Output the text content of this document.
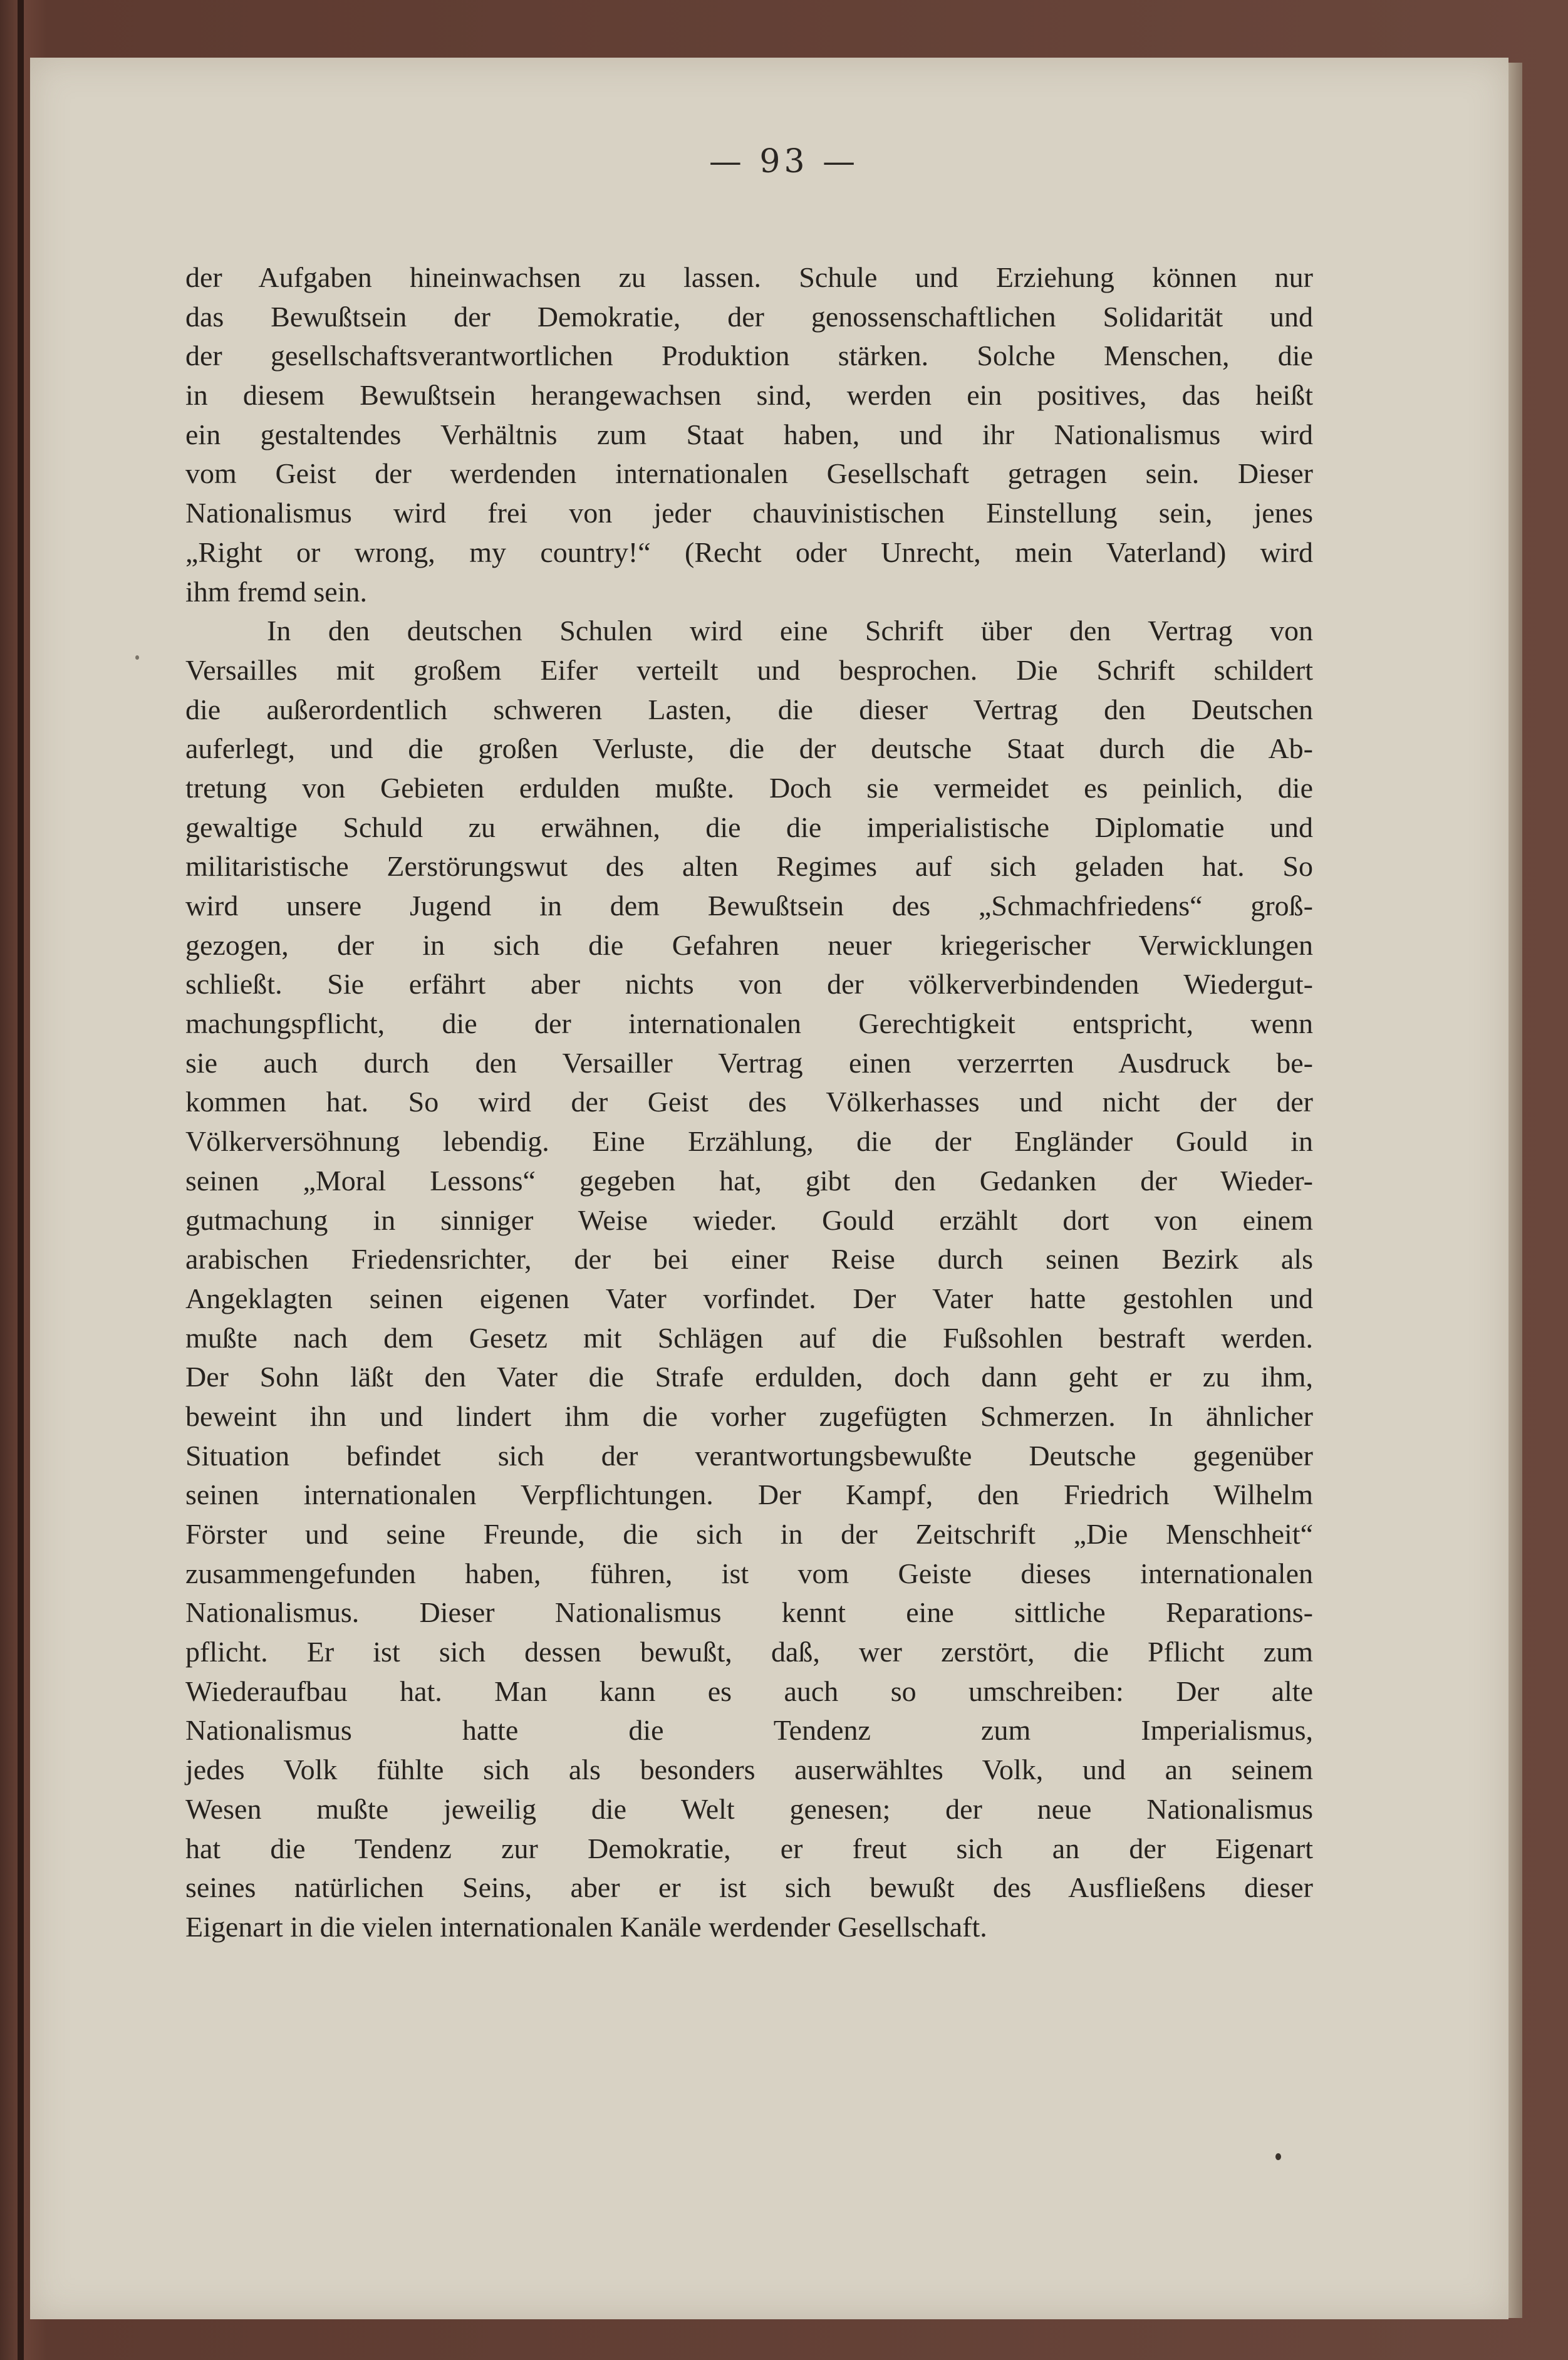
— 93 —
der Aufgaben hineinwachsen zu lassen. Schule und Erziehung können nur
das Bewußtsein der Demokratie, der genossenschaftlichen Solidarität und
der gesellschaftsverantwortlichen Produktion stärken. Solche Menschen, die
in diesem Bewußtsein herangewachsen sind, werden ein positives, das heißt
ein gestaltendes Verhältnis zum Staat haben, und ihr Nationalismus wird
vom Geist der werdenden internationalen Gesellschaft getragen sein. Dieser
Nationalismus wird frei von jeder chauvinistischen Einstellung sein, jenes
„Right or wrong, my country!“ (Recht oder Unrecht, mein Vaterland) wird
ihm fremd sein.
In den deutschen Schulen wird eine Schrift über den Vertrag von
Versailles mit großem Eifer verteilt und besprochen. Die Schrift schildert
die außerordentlich schweren Lasten, die dieser Vertrag den Deutschen
auferlegt, und die großen Verluste, die der deutsche Staat durch die Ab-
tretung von Gebieten erdulden mußte. Doch sie vermeidet es peinlich, die
gewaltige Schuld zu erwähnen, die die imperialistische Diplomatie und
militaristische Zerstörungswut des alten Regimes auf sich geladen hat. So
wird unsere Jugend in dem Bewußtsein des „Schmachfriedens“ groß-
gezogen, der in sich die Gefahren neuer kriegerischer Verwicklungen
schließt. Sie erfährt aber nichts von der völkerverbindenden Wiedergut-
machungspflicht, die der internationalen Gerechtigkeit entspricht, wenn
sie auch durch den Versailler Vertrag einen verzerrten Ausdruck be-
kommen hat. So wird der Geist des Völkerhasses und nicht der der
Völkerversöhnung lebendig. Eine Erzählung, die der Engländer Gould in
seinen „Moral Lessons“ gegeben hat, gibt den Gedanken der Wieder-
gutmachung in sinniger Weise wieder. Gould erzählt dort von einem
arabischen Friedensrichter, der bei einer Reise durch seinen Bezirk als
Angeklagten seinen eigenen Vater vorfindet. Der Vater hatte gestohlen und
mußte nach dem Gesetz mit Schlägen auf die Fußsohlen bestraft werden.
Der Sohn läßt den Vater die Strafe erdulden, doch dann geht er zu ihm,
beweint ihn und lindert ihm die vorher zugefügten Schmerzen. In ähnlicher
Situation befindet sich der verantwortungsbewußte Deutsche gegenüber
seinen internationalen Verpflichtungen. Der Kampf, den Friedrich Wilhelm
Förster und seine Freunde, die sich in der Zeitschrift „Die Menschheit“
zusammengefunden haben, führen, ist vom Geiste dieses internationalen
Nationalismus. Dieser Nationalismus kennt eine sittliche Reparations-
pflicht. Er ist sich dessen bewußt, daß, wer zerstört, die Pflicht zum
Wiederaufbau hat. Man kann es auch so umschreiben: Der alte
Nationalismus hatte die Tendenz zum Imperialismus,
jedes Volk fühlte sich als besonders auserwähltes Volk, und an seinem
Wesen mußte jeweilig die Welt genesen; der neue Nationalismus
hat die Tendenz zur Demokratie, er freut sich an der Eigenart
seines natürlichen Seins, aber er ist sich bewußt des Ausfließens dieser
Eigenart in die vielen internationalen Kanäle werdender Gesellschaft.
